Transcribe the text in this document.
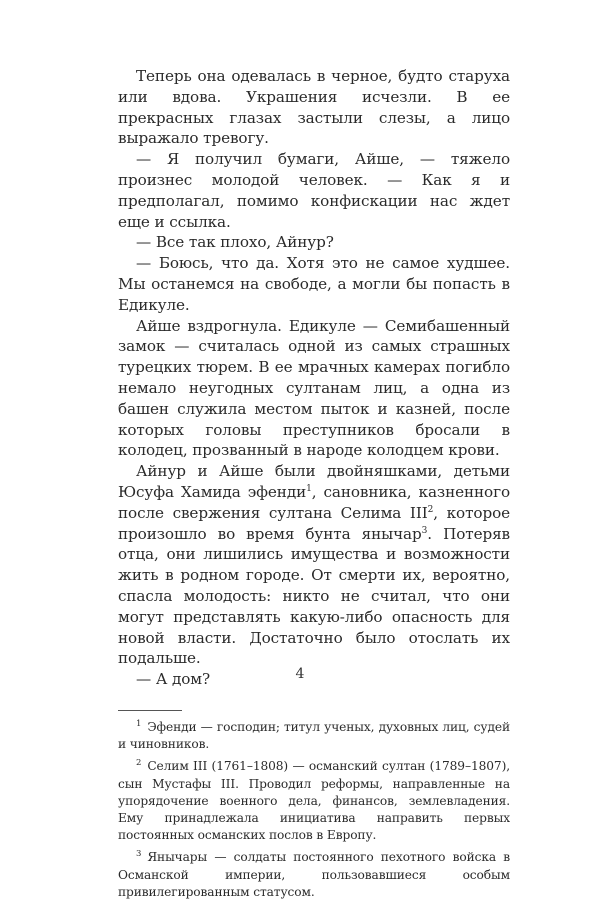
Теперь она одевалась в черное, будто старуха или вдова. Украшения исчезли. В ее прекрасных глазах застыли слезы, а лицо выражало тревогу.

— Я получил бумаги, Айше, — тяжело произнес молодой человек. — Как я и предполагал, помимо конфискации нас ждет еще и ссылка.

— Все так плохо, Айнур?

— Боюсь, что да. Хотя это не самое худшее. Мы останемся на свободе, а могли бы попасть в Едикуле.

Айше вздрогнула. Едикуле — Семибашенный замок — считалась одной из самых страшных турецких тюрем. В ее мрачных камерах погибло немало неугодных султанам лиц, а одна из башен служила местом пыток и казней, после которых головы преступников бросали в колодец, прозванный в народе колодцем крови.

Айнур и Айше были двойняшками, детьми Юсуфа Хамида эфенди$^1$, сановника, казненного после свержения султана Селима III$^2$, которое произошло во время бунта янычар$^3$. Потеряв отца, они лишились имущества и возможности жить в родном городе. От смерти их, вероятно, спасла молодость: никто не считал, что они могут представлять какую-либо опасность для новой власти. Достаточно было отослать их подальше.

— А дом?

$^1$ Эфенди — господин; титул ученых, духовных лиц, судей и чиновников.

$^2$ Селим III (1761–1808) — османский султан (1789–1807), сын Мустафы III. Проводил реформы, направленные на упорядочение военного дела, финансов, землевладения. Ему принадлежала инициатива направить первых постоянных османских послов в Европу.

$^3$ Янычары — солдаты постоянного пехотного войска в Османской империи, пользовавшиеся особым привилегированным статусом.

4
